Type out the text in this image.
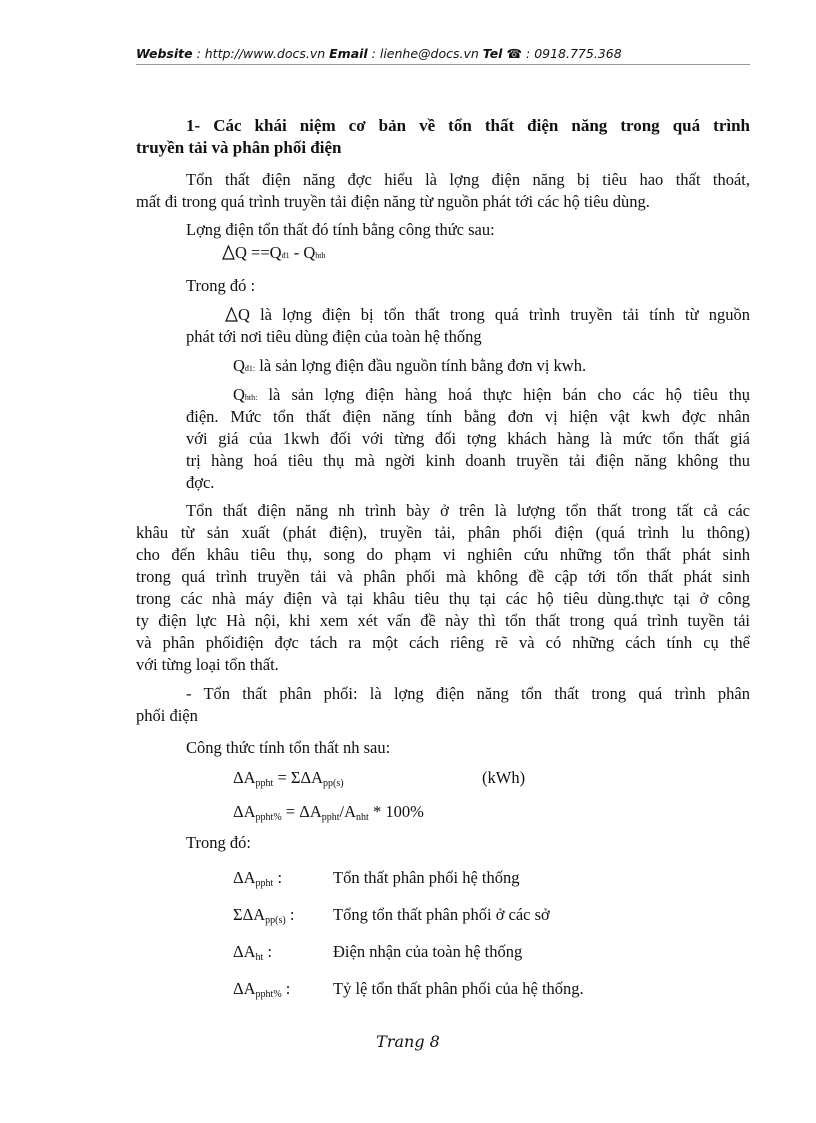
Website : http://www.docs.vn Email : lienhe@docs.vn Tel ☎ : 0918.775.368
1- Các khái niệm cơ bản về tổn thất điện năng trong quá trình
truyền tải và phân phối điện
Tổn thất điện năng đợc hiểu là lợng điện năng bị tiêu hao thất thoát,
mất đi trong quá trình truyền tải điện năng từ nguồn phát tới các hộ tiêu dùng.
Lợng điện tổn thất đó tính bằng công thức sau:
Q ==Qđ1 - Qhth
Trong đó :
Q là lợng điện bị tổn thất trong quá trình truyền tải tính từ nguồn
phát tới nơi tiêu dùng điện của toàn hệ thống
Qđ1: là sản lợng điện đầu nguồn tính bằng đơn vị kwh.
Qhth: là sản lợng điện hàng hoá thực hiện bán cho các hộ tiêu thụ
điện. Mức tổn thất điện năng tính bằng đơn vị hiện vật kwh đợc nhân
với giá của 1kwh đối với từng đối tợng khách hàng là mức tổn thất giá
trị hàng hoá tiêu thụ mà ngời kinh doanh truyền tải điện năng không thu
đợc.
Tổn thất điện năng nh trình bày ở trên là lượng tổn thất trong tất cả các
khâu từ sản xuất (phát điện), truyền tải, phân phối điện (quá trình lu thông)
cho đến khâu tiêu thụ, song do phạm vi nghiên cứu những tổn thất phát sinh
trong quá trình truyền tải và phân phối mà không đề cập tới tổn thất phát sinh
trong các nhà máy điện và tại khâu tiêu thụ tại các hộ tiêu dùng.thực tại ở công
ty điện lực Hà nội, khi xem xét vấn đề này thì tổn thất trong quá trình tuyền tải
và phân phốiđiện đợc tách ra một cách riêng rẽ và có những cách tính cụ thể
với từng loại tổn thất.
- Tổn thất phân phối: là lợng điện năng tổn thất trong quá trình phân
phối điện
Công thức tính tổn thất nh sau:
$\Delta A_{ppht} = \Sigma\Delta A_{pp(s)}$	(kWh)
$\Delta A_{ppht\%} = \Delta A_{ppht}/A_{nht} * 100\%$
Trong đó:
$\Delta A_{ppht}$ :	Tổn thất phân phối hệ thống
$\Sigma\Delta A_{pp(s)}$ : Tổng tổn thất phân phối ở các sở
$\Delta A_{ht}$ :	Điện nhận của toàn hệ thống
$\Delta A_{ppht\%}$ :	Tỷ lệ tổn thất phân phối của hệ thống.
Trang 8
